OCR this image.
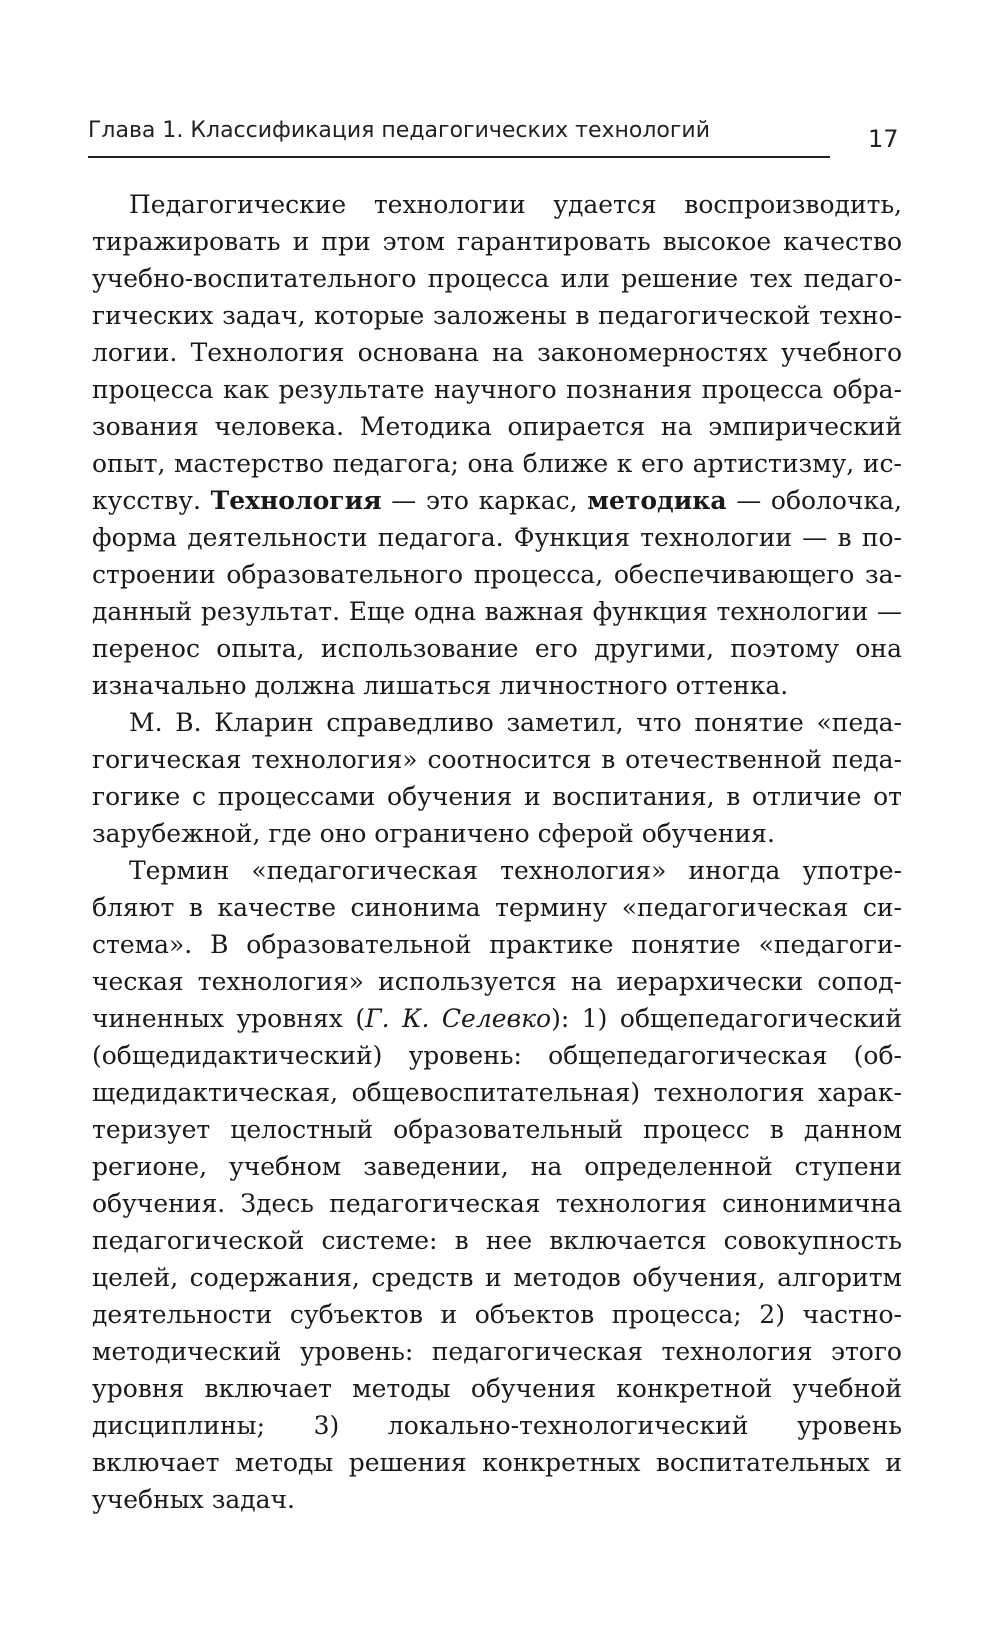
Глава 1. Классификация педагогических технологий	17

Педагогические технологии удается воспроизводить, тиражировать и при этом гарантировать высокое качество учебно-воспитательного процесса или решение тех педагогических задач, которые заложены в педагогической технологии. Технология основана на закономерностях учебного процесса как результате научного познания процесса образования человека. Методика опирается на эмпирический опыт, мастерство педагога; она ближе к его артистизму, искусству. Технология — это каркас, методика — оболочка, форма деятельности педагога. Функция технологии — в построении образовательного процесса, обеспечивающего заданный результат. Еще одна важная функция технологии — перенос опыта, использование его другими, поэтому она изначально должна лишаться личностного оттенка.

М. В. Кларин справедливо заметил, что понятие «педагогическая технология» соотносится в отечественной педагогике с процессами обучения и воспитания, в отличие от зарубежной, где оно ограничено сферой обучения.

Термин «педагогическая технология» иногда употребляют в качестве синонима термину «педагогическая система». В образовательной практике понятие «педагогическая технология» используется на иерархически соподчиненных уровнях (Г. К. Селевко): 1) общепедагогический (общедидактический) уровень: общепедагогическая (общедидактическая, общевоспитательная) технология характеризует целостный образовательный процесс в данном регионе, учебном заведении, на определенной ступени обучения. Здесь педагогическая технология синонимична педагогической системе: в нее включается совокупность целей, содержания, средств и методов обучения, алгоритм деятельности субъектов и объектов процесса; 2) частно-методический уровень: педагогическая технология этого уровня включает методы обучения конкретной учебной дисциплины; 3) локально-технологический уровень включает методы решения конкретных воспитательных и учебных задач.
